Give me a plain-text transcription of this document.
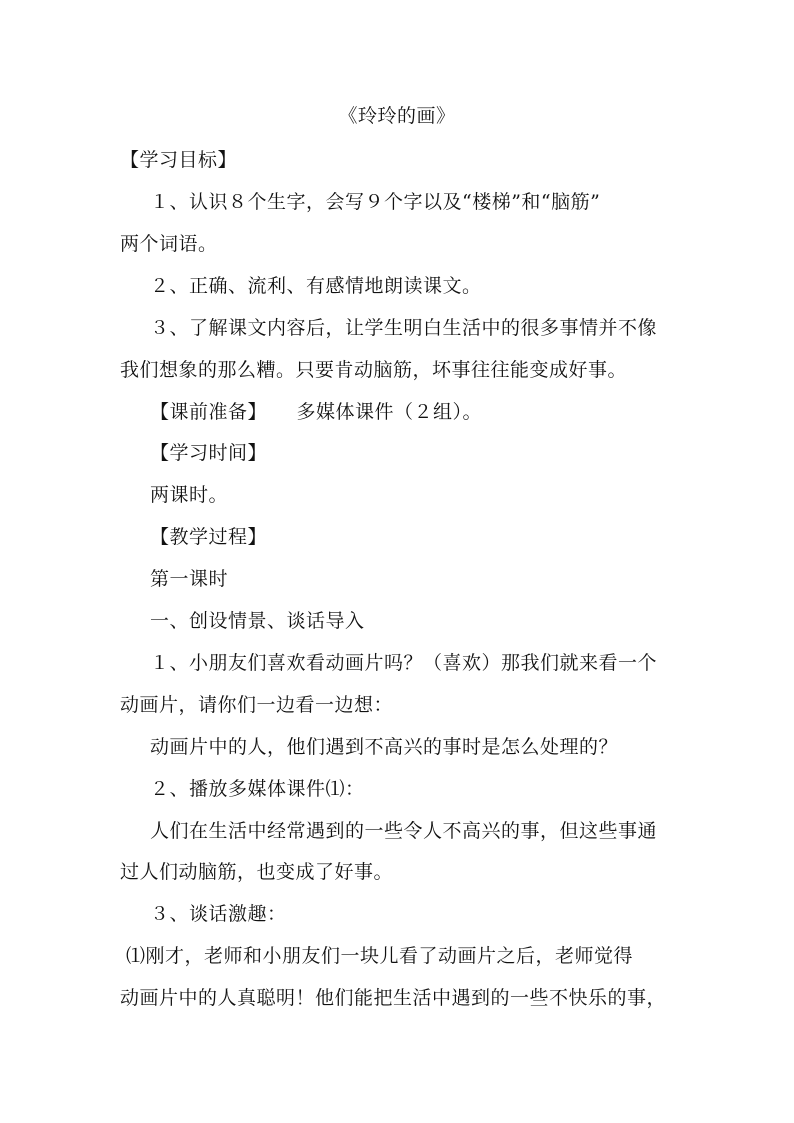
《玲玲的画》
【学习目标】
１、认识８个生字，会写９个字以及“楼梯”和“脑筋”
两个词语。
２、正确、流利、有感情地朗读课文。
３、了解课文内容后，让学生明白生活中的很多事情并不像
我们想象的那么糟。只要肯动脑筋，坏事往往能变成好事。
【课前准备】　　多媒体课件（２组）。
【学习时间】
两课时。
【教学过程】
第一课时
一、创设情景、谈话导入
１、小朋友们喜欢看动画片吗？（喜欢）那我们就来看一个
动画片，请你们一边看一边想：
动画片中的人，他们遇到不高兴的事时是怎么处理的？
２、播放多媒体课件⑴：
人们在生活中经常遇到的一些令人不高兴的事，但这些事通
过人们动脑筋，也变成了好事。
３、谈话激趣：
⑴刚才，老师和小朋友们一块儿看了动画片之后，老师觉得
动画片中的人真聪明！他们能把生活中遇到的一些不快乐的事，
